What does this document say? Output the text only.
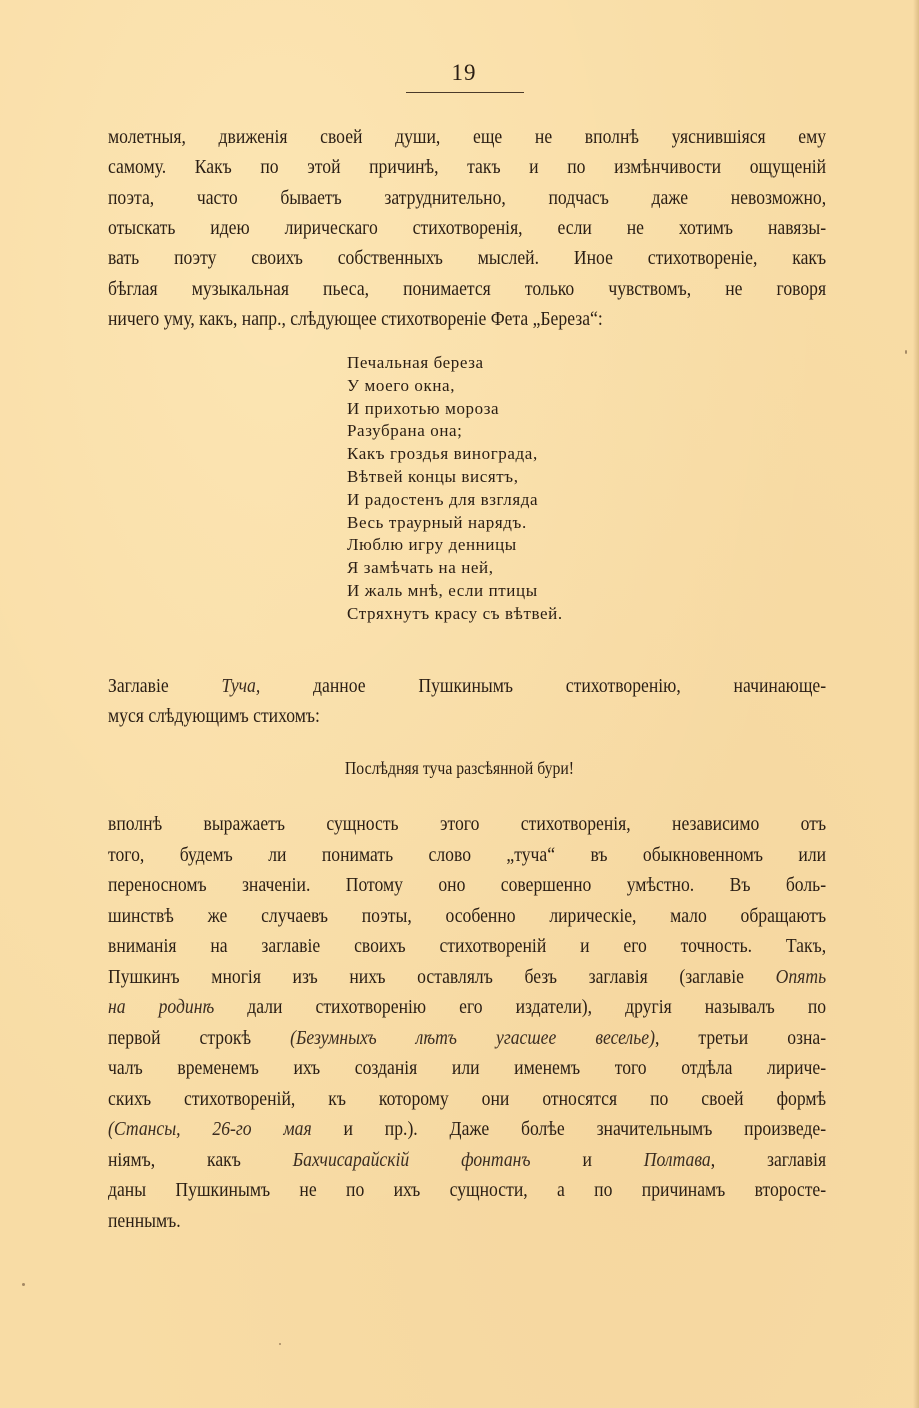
19
молетныя, движенія своей души, еще не вполнѣ уяснившіяся ему
самому. Какъ по этой причинѣ, такъ и по измѣнчивости ощущеній
поэта, часто бываетъ затруднительно, подчасъ даже невозможно,
отыскать идею лирическаго стихотворенія, если не хотимъ навязы-
вать поэту своихъ собственныхъ мыслей. Иное стихотвореніе, какъ
бѣглая музыкальная пьеса, понимается только чувствомъ, не говоря
ничего уму, какъ, напр., слѣдующее стихотвореніе Фета „Береза“:
Печальная береза
У моего окна,
И прихотью мороза
Разубрана она;
Какъ гроздья винограда,
Вѣтвей концы висятъ,
И радостенъ для взгляда
Весь траурный нарядъ.
Люблю игру денницы
Я замѣчать на ней,
И жаль мнѣ, если птицы
Стряхнутъ красу съ вѣтвей.
Заглавіе Туча, данное Пушкинымъ стихотворенію, начинающе-
муся слѣдующимъ стихомъ:
Послѣдняя туча разсѣянной бури!
вполнѣ выражаетъ сущность этого стихотворенія, независимо отъ
того, будемъ ли понимать слово „туча“ въ обыкновенномъ или
переносномъ значеніи. Потому оно совершенно умѣстно. Въ боль-
шинствѣ же случаевъ поэты, особенно лирическіе, мало обращаютъ
вниманія на заглавіе своихъ стихотвореній и его точность. Такъ,
Пушкинъ многія изъ нихъ оставлялъ безъ заглавія (заглавіе Опять
на родинѣ дали стихотворенію его издатели), другія называлъ по
первой строкѣ (Безумныхъ лѣтъ угасшее веселье), третьи озна-
чалъ временемъ ихъ созданія или именемъ того отдѣла лириче-
скихъ стихотвореній, къ которому они относятся по своей формѣ
(Стансы, 26-го мая и пр.). Даже болѣе значительнымъ произведе-
ніямъ, какъ Бахчисарайскій фонтанъ и Полтава, заглавія
даны Пушкинымъ не по ихъ сущности, а по причинамъ второсте-
пеннымъ.
